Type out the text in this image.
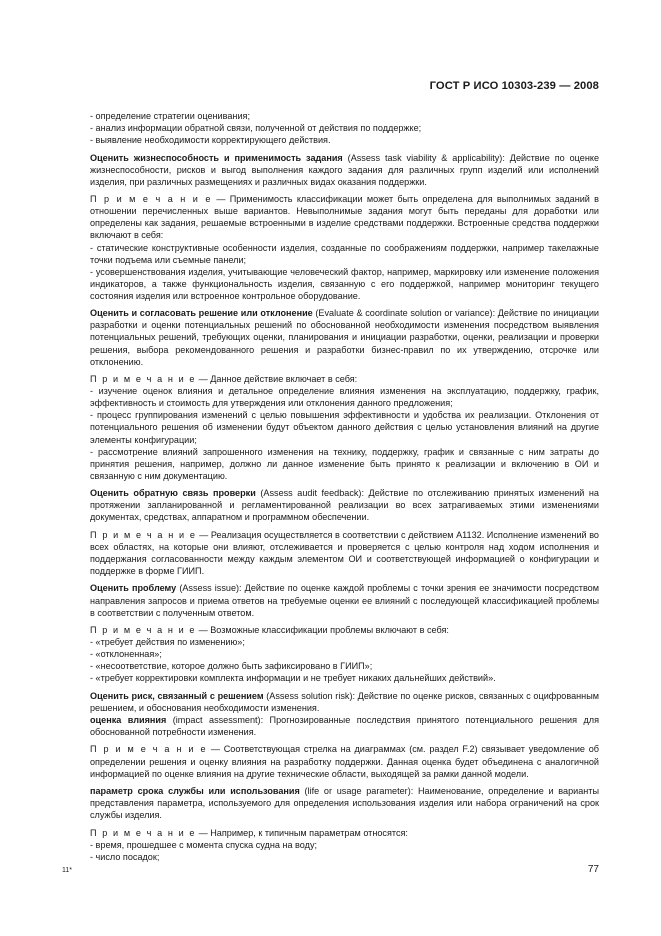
ГОСТ Р ИСО 10303-239 — 2008

- определение стратегии оценивания;

- анализ информации обратной связи, полученной от действия по поддержке;

- выявление необходимости корректирующего действия.

Оценить жизнеспособность и применимость задания (Assess task viability & applicability): Действие по оценке жизнеспособности, рисков и выгод выполнения каждого задания для различных групп изделий или исполнений изделия, при различных размещениях и различных видах оказания поддержки.

П р и м е ч а н и е — Применимость классификации может быть определена для выполнимых заданий в отношении перечисленных выше вариантов. Невыполнимые задания могут быть переданы для доработки или определены как задания, решаемые встроенными в изделие средствами поддержки. Встроенные средства поддержки включают в себя:

- статические конструктивные особенности изделия, созданные по соображениям поддержки, например такелажные точки подъема или съемные панели;

- усовершенствования изделия, учитывающие человеческий фактор, например, маркировку или изменение положения индикаторов, а также функциональность изделия, связанную с его поддержкой, например мониторинг текущего состояния изделия или встроенное контрольное оборудование.

Оценить и согласовать решение или отклонение (Evaluate & coordinate solution or variance): Действие по инициации разработки и оценки потенциальных решений по обоснованной необходимости изменения посредством выявления потенциальных решений, требующих оценки, планирования и инициации разработки, оценки, реализации и проверки решения, выбора рекомендованного решения и разработки бизнес-правил по их утверждению, отсрочке или отклонению.

П р и м е ч а н и е — Данное действие включает в себя:

- изучение оценок влияния и детальное определение влияния изменения на эксплуатацию, поддержку, график, эффективность и стоимость для утверждения или отклонения данного предложения;

- процесс группирования изменений с целью повышения эффективности и удобства их реализации. Отклонения от потенциального решения об изменении будут объектом данного действия с целью установления влияний на другие элементы конфигурации;

- рассмотрение влияний запрошенного изменения на технику, поддержку, график и связанные с ним затраты до принятия решения, например, должно ли данное изменение быть принято к реализации и включению в ОИ и связанную с ним документацию.

Оценить обратную связь проверки (Assess audit feedback): Действие по отслеживанию принятых изменений на протяжении запланированной и регламентированной реализации во всех затрагиваемых этими изменениями документах, средствах, аппаратном и программном обеспечении.

П р и м е ч а н и е — Реализация осуществляется в соответствии с действием А1132. Исполнение изменений во всех областях, на которые они влияют, отслеживается и проверяется с целью контроля над ходом исполнения и поддержания согласованности между каждым элементом ОИ и соответствующей информацией о конфигурации и поддержке в форме ГИИП.

Оценить проблему (Assess issue): Действие по оценке каждой проблемы с точки зрения ее значимости посредством направления запросов и приема ответов на требуемые оценки ее влияний с последующей классификацией проблемы в соответствии с полученным ответом.

П р и м е ч а н и е — Возможные классификации проблемы включают в себя:

- «требует действия по изменению»;

- «отклоненная»;

- «несоответствие, которое должно быть зафиксировано в ГИИП»;

- «требует корректировки комплекта информации и не требует никаких дальнейших действий».

Оценить риск, связанный с решением (Assess solution risk): Действие по оценке рисков, связанных с оцифрованным решением, и обоснования необходимости изменения.

оценка влияния (impact assessment): Прогнозированные последствия принятого потенциального решения для обоснованной потребности изменения.

П р и м е ч а н и е — Соответствующая стрелка на диаграммах (см. раздел F.2) связывает уведомление об определении решения и оценку влияния на разработку поддержки. Данная оценка будет объединена с аналогичной информацией по оценке влияния на другие технические области, выходящей за рамки данной модели.

параметр срока службы или использования (life or usage parameter): Наименование, определение и варианты представления параметра, используемого для определения использования изделия или набора ограничений на срок службы изделия.

П р и м е ч а н и е — Например, к типичным параметрам относятся:

- время, прошедшее с момента спуска судна на воду;

- число посадок;

11*	77
